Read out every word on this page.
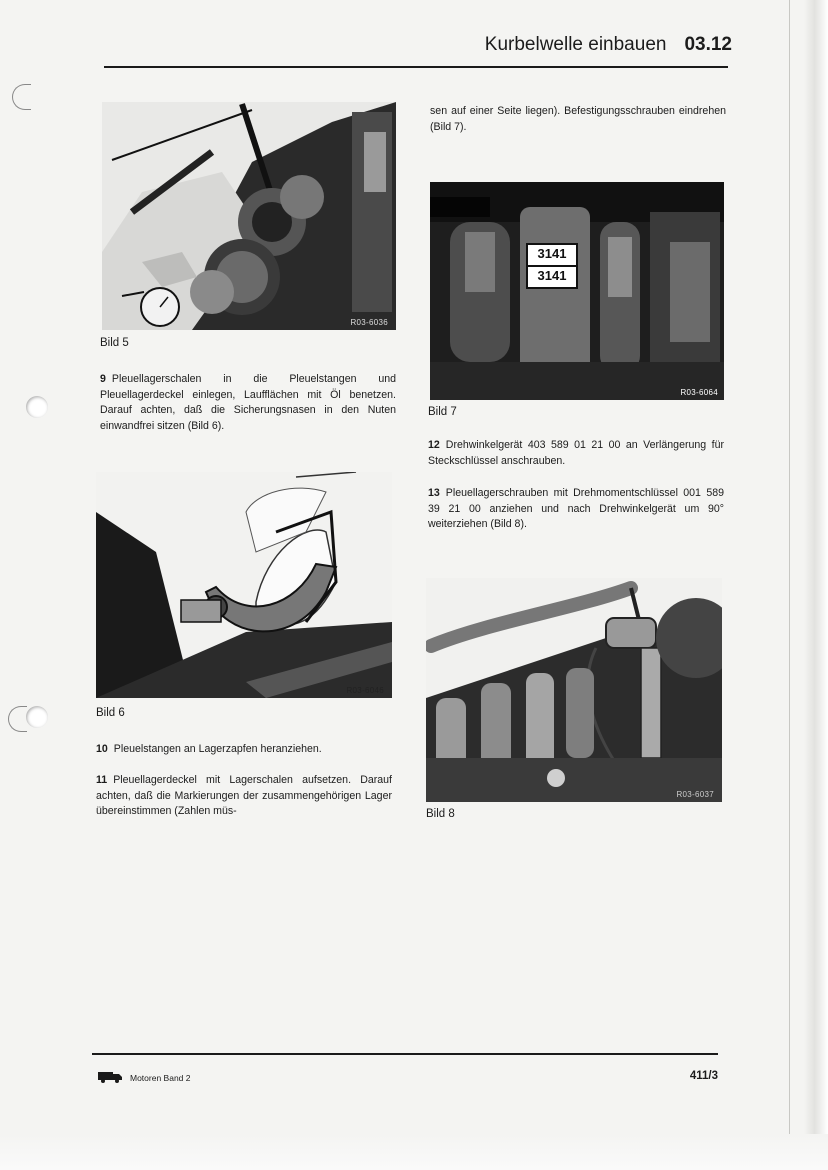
Kurbelwelle einbauen 03.12
R03-6036
Bild 5
9 Pleuellagerschalen in die Pleuelstangen und Pleuellagerdeckel einlegen, Laufflächen mit Öl benetzen. Darauf achten, daß die Sicherungsnasen in den Nuten einwandfrei sitzen (Bild 6).
R03-6046
Bild 6
10 Pleuelstangen an Lagerzapfen heranziehen.
11 Pleuellagerdeckel mit Lagerschalen aufsetzen. Darauf achten, daß die Markierungen der zusammengehörigen Lager übereinstimmen (Zahlen müs-
sen auf einer Seite liegen). Befestigungsschrauben eindrehen (Bild 7).
3141
3141
R03-6064
Bild 7
12 Drehwinkelgerät 403 589 01 21 00 an Verlängerung für Steckschlüssel anschrauben.
13 Pleuellagerschrauben mit Drehmomentschlüssel 001 589 39 21 00 anziehen und nach Drehwinkelgerät um 90° weiterziehen (Bild 8).
R03-6037
Bild 8
Motoren Band 2	411/3
